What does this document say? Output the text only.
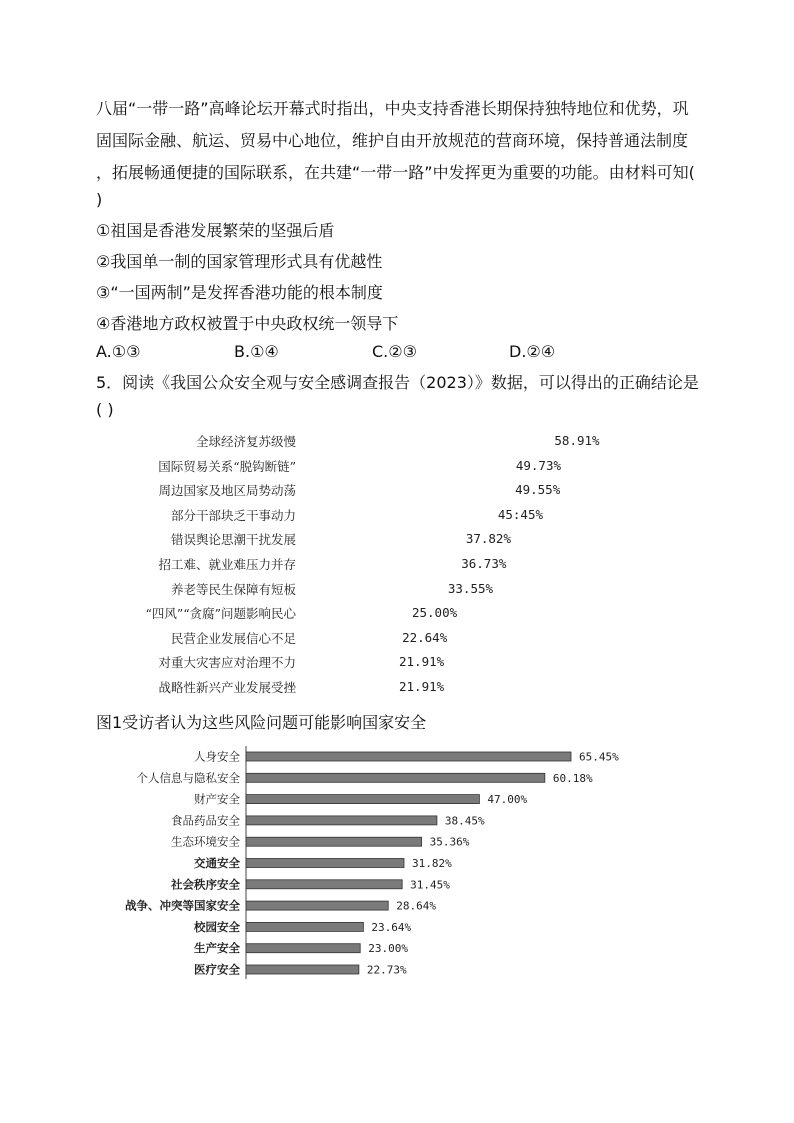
八届“一带一路”高峰论坛开幕式时指出，中央支持香港长期保持独特地位和优势，巩
固国际金融、航运、贸易中心地位，维护自由开放规范的营商环境，保持普通法制度
，拓展畅通便捷的国际联系，在共建“一带一路”中发挥更为重要的功能。由材料可知(
)
①祖国是香港发展繁荣的坚强后盾
②我国单一制的国家管理形式具有优越性
③“一国两制”是发挥香港功能的根本制度
④香港地方政权被置于中央政权统一领导下
A.①③	B.①④	C.②③	D.②④
5．阅读《我国公众安全观与安全感调查报告（2023）》数据，可以得出的正确结论是
( )
全球经济复苏级慢	58.91%
国际贸易关系“脱钩断链”	49.73%
周边国家及地区局势动荡	49.55%
部分干部块乏干事动力	45:45%
错误舆论思潮干扰发展	37.82%
招工难、就业难压力并存	36.73%
养老等民生保障有短板	33.55%
“四风”“贪腐”问题影响民心	25.00%
民营企业发展信心不足	22.64%
对重大灾害应对治理不力	21.91%
战略性新兴产业发展受挫	21.91%
图1受访者认为这些风险问题可能影响国家安全
人身安全	65.45%
个人信息与隐私安全	60.18%
财产安全	47.00%
食品药品安全	38.45%
生态环境安全	35.36%
交通安全	31.82%
社会秩序安全	31.45%
战争、冲突等国家安全	28.64%
校园安全	23.64%
生产安全	23.00%
医疗安全	22.73%
